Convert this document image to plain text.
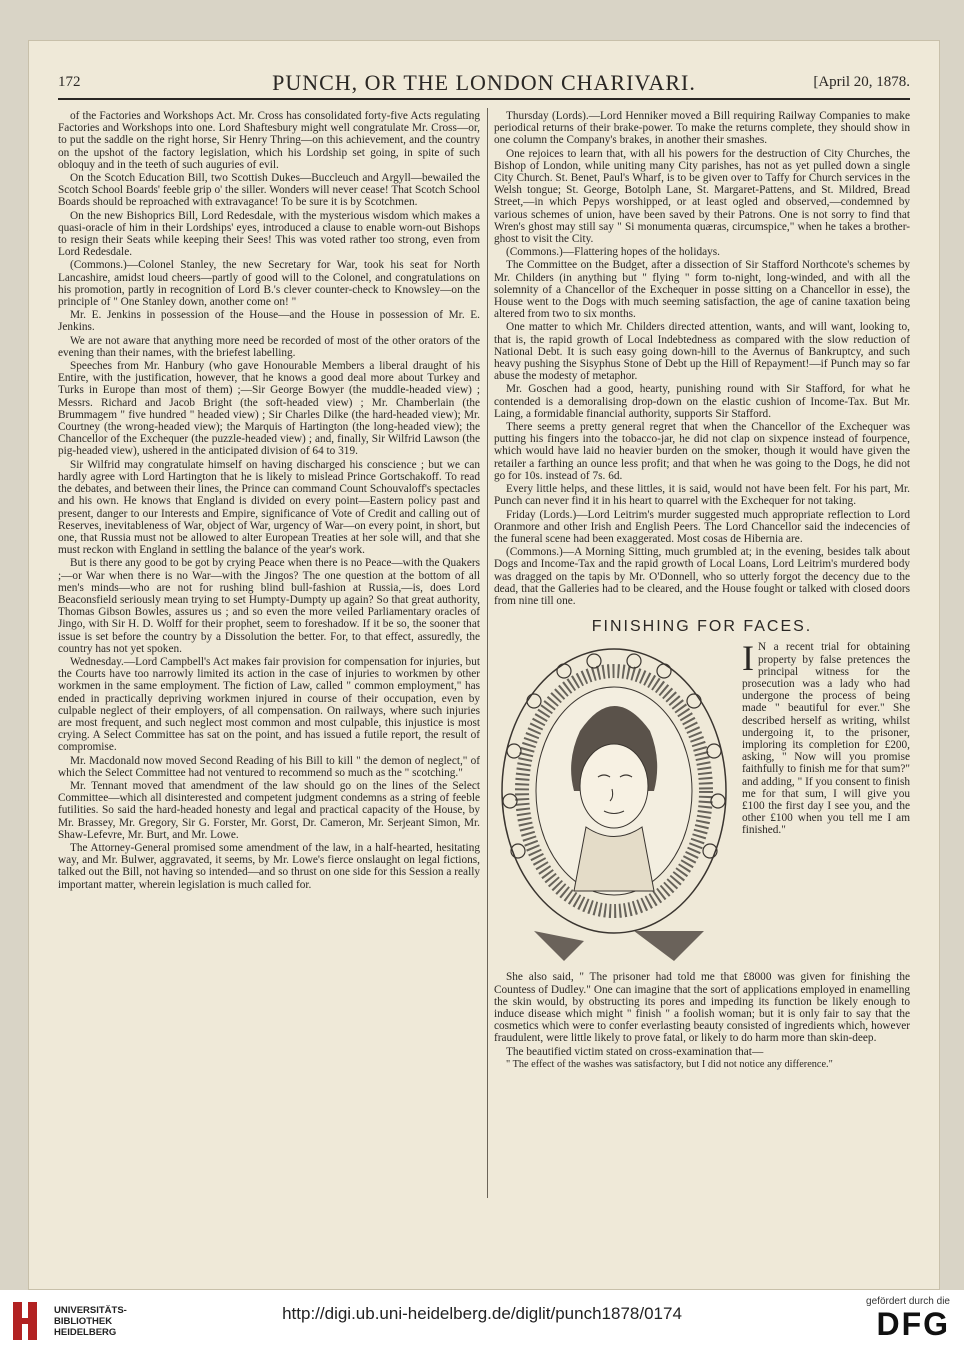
172	PUNCH, OR THE LONDON CHARIVARI.	[April 20, 1878.

of the Factories and Workshops Act. Mr. Cross has consolidated forty-five Acts regulating Factories and Workshops into one. Lord Shaftesbury might well congratulate Mr. Cross—or, to put the saddle on the right horse, Sir Henry Thring—on this achievement, and the country on the upshot of the factory legislation, which his Lordship set going, in spite of such obloquy and in the teeth of such auguries of evil.

On the Scotch Education Bill, two Scottish Dukes—Buccleuch and Argyll—bewailed the Scotch School Boards' feeble grip o' the siller. Wonders will never cease! That Scotch School Boards should be reproached with extravagance! To be sure it is by Scotchmen.

On the new Bishoprics Bill, Lord Redesdale, with the mysterious wisdom which makes a quasi-oracle of him in their Lordships' eyes, introduced a clause to enable worn-out Bishops to resign their Seats while keeping their Sees! This was voted rather too strong, even from Lord Redesdale.

(Commons.)—Colonel Stanley, the new Secretary for War, took his seat for North Lancashire, amidst loud cheers—partly of good will to the Colonel, and congratulations on his promotion, partly in recognition of Lord B.'s clever counter-check to Knowsley—on the principle of " One Stanley down, another come on! "

Mr. E. Jenkins in possession of the House—and the House in possession of Mr. E. Jenkins.

We are not aware that anything more need be recorded of most of the other orators of the evening than their names, with the briefest labelling.

Speeches from Mr. Hanbury (who gave Honourable Members a liberal draught of his Entire, with the justification, however, that he knows a good deal more about Turkey and Turks in Europe than most of them) ;—Sir George Bowyer (the muddle-headed view) ; Messrs. Richard and Jacob Bright (the soft-headed view) ; Mr. Chamberlain (the Brummagem " five hundred " headed view) ; Sir Charles Dilke (the hard-headed view); Mr. Courtney (the wrong-headed view); the Marquis of Hartington (the long-headed view); the Chancellor of the Exchequer (the puzzle-headed view) ; and, finally, Sir Wilfrid Lawson (the pig-headed view), ushered in the anticipated division of 64 to 319.

Sir Wilfrid may congratulate himself on having discharged his conscience ; but we can hardly agree with Lord Hartington that he is likely to mislead Prince Gortschakoff. To read the debates, and between their lines, the Prince can command Count Schouvaloff's spectacles and his own. He knows that England is divided on every point—Eastern policy past and present, danger to our Interests and Empire, significance of Vote of Credit and calling out of Reserves, inevitableness of War, object of War, urgency of War—on every point, in short, but one, that Russia must not be allowed to alter European Treaties at her sole will, and that she must reckon with England in settling the balance of the year's work.

But is there any good to be got by crying Peace when there is no Peace—with the Quakers ;—or War when there is no War—with the Jingos? The one question at the bottom of all men's minds—who are not for rushing blind bull-fashion at Russia,—is, does Lord Beaconsfield seriously mean trying to set Humpty-Dumpty up again? So that great authority, Thomas Gibson Bowles, assures us ; and so even the more veiled Parliamentary oracles of Jingo, with Sir H. D. Wolff for their prophet, seem to foreshadow. If it be so, the sooner that issue is set before the country by a Dissolution the better. For, to that effect, assuredly, the country has not yet spoken.

Wednesday.—Lord Campbell's Act makes fair provision for compensation for injuries, but the Courts have too narrowly limited its action in the case of injuries to workmen by other workmen in the same employment. The fiction of Law, called " common employment," has ended in practically depriving workmen injured in course of their occupation, even by culpable neglect of their employers, of all compensation. On railways, where such injuries are most frequent, and such neglect most common and most culpable, this injustice is most crying. A Select Committee has sat on the point, and has issued a futile report, the result of compromise.

Mr. Macdonald now moved Second Reading of his Bill to kill " the demon of neglect," of which the Select Committee had not ventured to recommend so much as the " scotching."

Mr. Tennant moved that amendment of the law should go on the lines of the Select Committee—which all disinterested and competent judgment condemns as a string of feeble futilities. So said the hard-headed honesty and legal and practical capacity of the House, by Mr. Brassey, Mr. Gregory, Sir G. Forster, Mr. Gorst, Dr. Cameron, Mr. Serjeant Simon, Mr. Shaw-Lefevre, Mr. Burt, and Mr. Lowe.

The Attorney-General promised some amendment of the law, in a half-hearted, hesitating way, and Mr. Bulwer, aggravated, it seems, by Mr. Lowe's fierce onslaught on legal fictions, talked out the Bill, not having so intended—and so thrust on one side for this Session a really important matter, wherein legislation is much called for.

Thursday (Lords).—Lord Henniker moved a Bill requiring Railway Companies to make periodical returns of their brake-power. To make the returns complete, they should show in one column the Company's brakes, in another their smashes.

One rejoices to learn that, with all his powers for the destruction of City Churches, the Bishop of London, while uniting many City parishes, has not as yet pulled down a single City Church. St. Benet, Paul's Wharf, is to be given over to Taffy for Church services in the Welsh tongue; St. George, Botolph Lane, St. Margaret-Pattens, and St. Mildred, Bread Street,—in which Pepys worshipped, or at least ogled and observed,—condemned by various schemes of union, have been saved by their Patrons. One is not sorry to find that Wren's ghost may still say " Si monumenta quæras, circumspice," when he takes a brother-ghost to visit the City.

(Commons.)—Flattering hopes of the holidays.

The Committee on the Budget, after a dissection of Sir Stafford Northcote's schemes by Mr. Childers (in anything but " flying " form to-night, long-winded, and with all the solemnity of a Chancellor of the Exchequer in posse sitting on a Chancellor in esse), the House went to the Dogs with much seeming satisfaction, the age of canine taxation being altered from two to six months.

One matter to which Mr. Childers directed attention, wants, and will want, looking to, that is, the rapid growth of Local Indebtedness as compared with the slow reduction of National Debt. It is such easy going down-hill to the Avernus of Bankruptcy, and such heavy pushing the Sisyphus Stone of Debt up the Hill of Repayment!—if Punch may so far abuse the modesty of metaphor.

Mr. Goschen had a good, hearty, punishing round with Sir Stafford, for what he contended is a demoralising drop-down on the elastic cushion of Income-Tax. But Mr. Laing, a formidable financial authority, supports Sir Stafford.

There seems a pretty general regret that when the Chancellor of the Exchequer was putting his fingers into the tobacco-jar, he did not clap on sixpence instead of fourpence, which would have laid no heavier burden on the smoker, though it would have given the retailer a farthing an ounce less profit; and that when he was going to the Dogs, he did not go for 10s. instead of 7s. 6d.

Every little helps, and these littles, it is said, would not have been felt. For his part, Mr. Punch can never find it in his heart to quarrel with the Exchequer for not taking.

Friday (Lords.)—Lord Leitrim's murder suggested much appropriate reflection to Lord Oranmore and other Irish and English Peers. The Lord Chancellor said the indecencies of the funeral scene had been exaggerated. Most cosas de Hibernia are.

(Commons.)—A Morning Sitting, much grumbled at; in the evening, besides talk about Dogs and Income-Tax and the rapid growth of Local Loans, Lord Leitrim's murdered body was dragged on the tapis by Mr. O'Donnell, who so utterly forgot the decency due to the dead, that the Galleries had to be cleared, and the House fought or talked with closed doors from nine till one.

FINISHING FOR FACES.
I N a recent trial for obtaining property by false pretences the principal witness for the prosecution was a lady who had undergone the process of being made " beautiful for ever." She described herself as writing, whilst undergoing it, to the prisoner, imploring its completion for £200, asking, " Now will you promise faithfully to finish me for that sum?" and adding, " If you consent to finish me for that sum, I will give you £100 the first day I see you, and the other £100 when you tell me I am finished."

She also said, " The prisoner had told me that £8000 was given for finishing the Countess of Dudley." One can imagine that the sort of applications employed in enamelling the skin would, by obstructing its pores and impeding its function be likely enough to induce disease which might " finish " a foolish woman; but it is only fair to say that the cosmetics which were to confer everlasting beauty consisted of ingredients which, however fraudulent, were little likely to prove fatal, or likely to do harm more than skin-deep.

The beautified victim stated on cross-examination that—

" The effect of the washes was satisfactory, but I did not notice any difference."

UNIVERSITÄTS-
BIBLIOTHEK
HEIDELBERG
http://digi.ub.uni-heidelberg.de/diglit/punch1878/0174
gefördert durch die
DFG
